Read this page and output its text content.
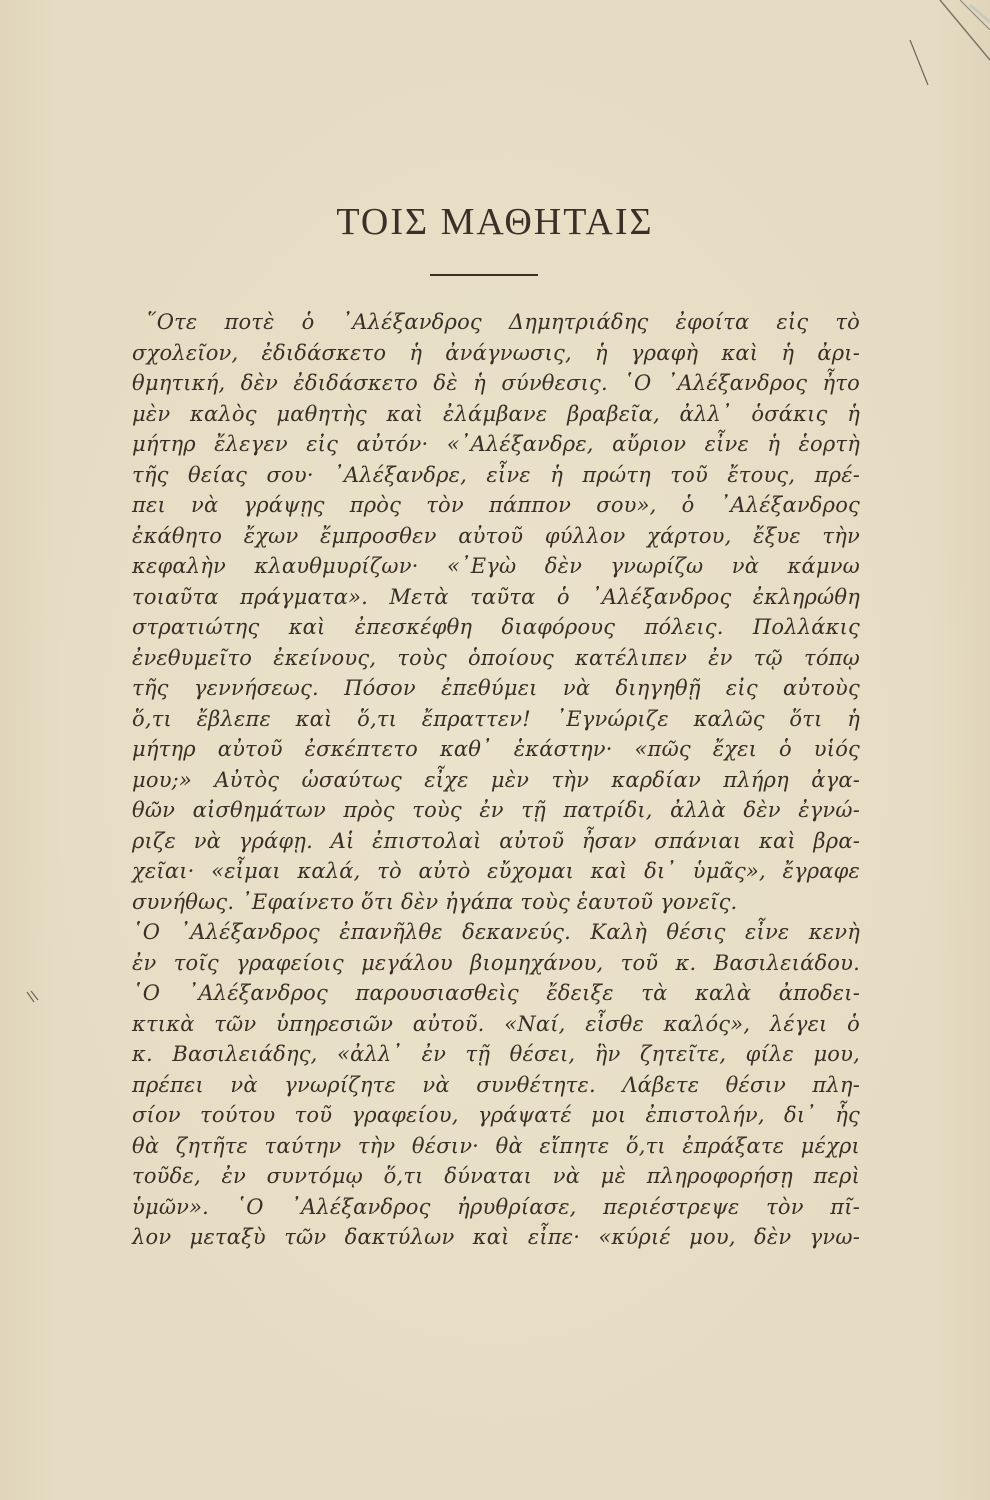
ΤΟΙΣ ΜΑΘΗΤΑΙΣ
῞Οτε ποτὲ ὁ ᾿Αλέξανδρος Δημητριάδης ἐφοίτα εἰς τὸ
σχολεῖον, ἐδιδάσκετο ἡ ἀνάγνωσις, ἡ γραφὴ καὶ ἡ ἀρι-
θμητική, δὲν ἐδιδάσκετο δὲ ἡ σύνθεσις. ῾Ο ᾿Αλέξανδρος ἦτο
μὲν καλὸς μαθητὴς καὶ ἐλάμβανε βραβεῖα, ἀλλ᾿ ὁσάκις ἡ
μήτηρ ἔλεγεν εἰς αὐτόν· «᾿Αλέξανδρε, αὔριον εἶνε ἡ ἑορτὴ
τῆς θείας σου· ᾿Αλέξανδρε, εἶνε ἡ πρώτη τοῦ ἔτους, πρέ-
πει νὰ γράψῃς πρὸς τὸν πάππον σου», ὁ ᾿Αλέξανδρος
ἐκάθητο ἔχων ἔμπροσθεν αὐτοῦ φύλλον χάρτου, ἔξυε τὴν
κεφαλὴν κλαυθμυρίζων· «᾿Εγὼ δὲν γνωρίζω νὰ κάμνω
τοιαῦτα πράγματα». Μετὰ ταῦτα ὁ ᾿Αλέξανδρος ἐκληρώθη
στρατιώτης καὶ ἐπεσκέφθη διαφόρους πόλεις. Πολλάκις
ἐνεθυμεῖτο ἐκείνους, τοὺς ὁποίους κατέλιπεν ἐν τῷ τόπῳ
τῆς γεννήσεως. Πόσον ἐπεθύμει νὰ διηγηθῇ εἰς αὐτοὺς
ὅ,τι ἔβλεπε καὶ ὅ,τι ἔπραττεν! ᾿Εγνώριζε καλῶς ὅτι ἡ
μήτηρ αὐτοῦ ἐσκέπτετο καθ᾿ ἑκάστην· «πῶς ἔχει ὁ υἱός
μου;» Αὐτὸς ὡσαύτως εἶχε μὲν τὴν καρδίαν πλήρη ἀγα-
θῶν αἰσθημάτων πρὸς τοὺς ἐν τῇ πατρίδι, ἀλλὰ δὲν ἐγνώ-
ριζε νὰ γράφῃ. Αἱ ἐπιστολαὶ αὐτοῦ ἦσαν σπάνιαι καὶ βρα-
χεῖαι· «εἶμαι καλά, τὸ αὐτὸ εὔχομαι καὶ δι᾿ ὑμᾶς», ἔγραφε
συνήθως. ᾿Εφαίνετο ὅτι δὲν ἠγάπα τοὺς ἑαυτοῦ γονεῖς.
῾Ο ᾿Αλέξανδρος ἐπανῆλθε δεκανεύς. Καλὴ θέσις εἶνε κενὴ
ἐν τοῖς γραφείοις μεγάλου βιομηχάνου, τοῦ κ. Βασιλειάδου.
῾Ο ᾿Αλέξανδρος παρουσιασθεὶς ἔδειξε τὰ καλὰ ἀποδει-
κτικὰ τῶν ὑπηρεσιῶν αὐτοῦ. «Ναί, εἶσθε καλός», λέγει ὁ
κ. Βασιλειάδης, «ἀλλ᾿ ἐν τῇ θέσει, ἣν ζητεῖτε, φίλε μου,
πρέπει νὰ γνωρίζητε νὰ συνθέτητε. Λάβετε θέσιν πλη-
σίον τούτου τοῦ γραφείου, γράψατέ μοι ἐπιστολήν, δι᾿ ἧς
θὰ ζητῆτε ταύτην τὴν θέσιν· θὰ εἴπητε ὅ,τι ἐπράξατε μέχρι
τοῦδε, ἐν συντόμῳ ὅ,τι δύναται νὰ μὲ πληροφορήσῃ περὶ
ὑμῶν». ῾Ο ᾿Αλέξανδρος ἠρυθρίασε, περιέστρεψε τὸν πῖ-
λον μεταξὺ τῶν δακτύλων καὶ εἶπε· «κύριέ μου, δὲν γνω-
